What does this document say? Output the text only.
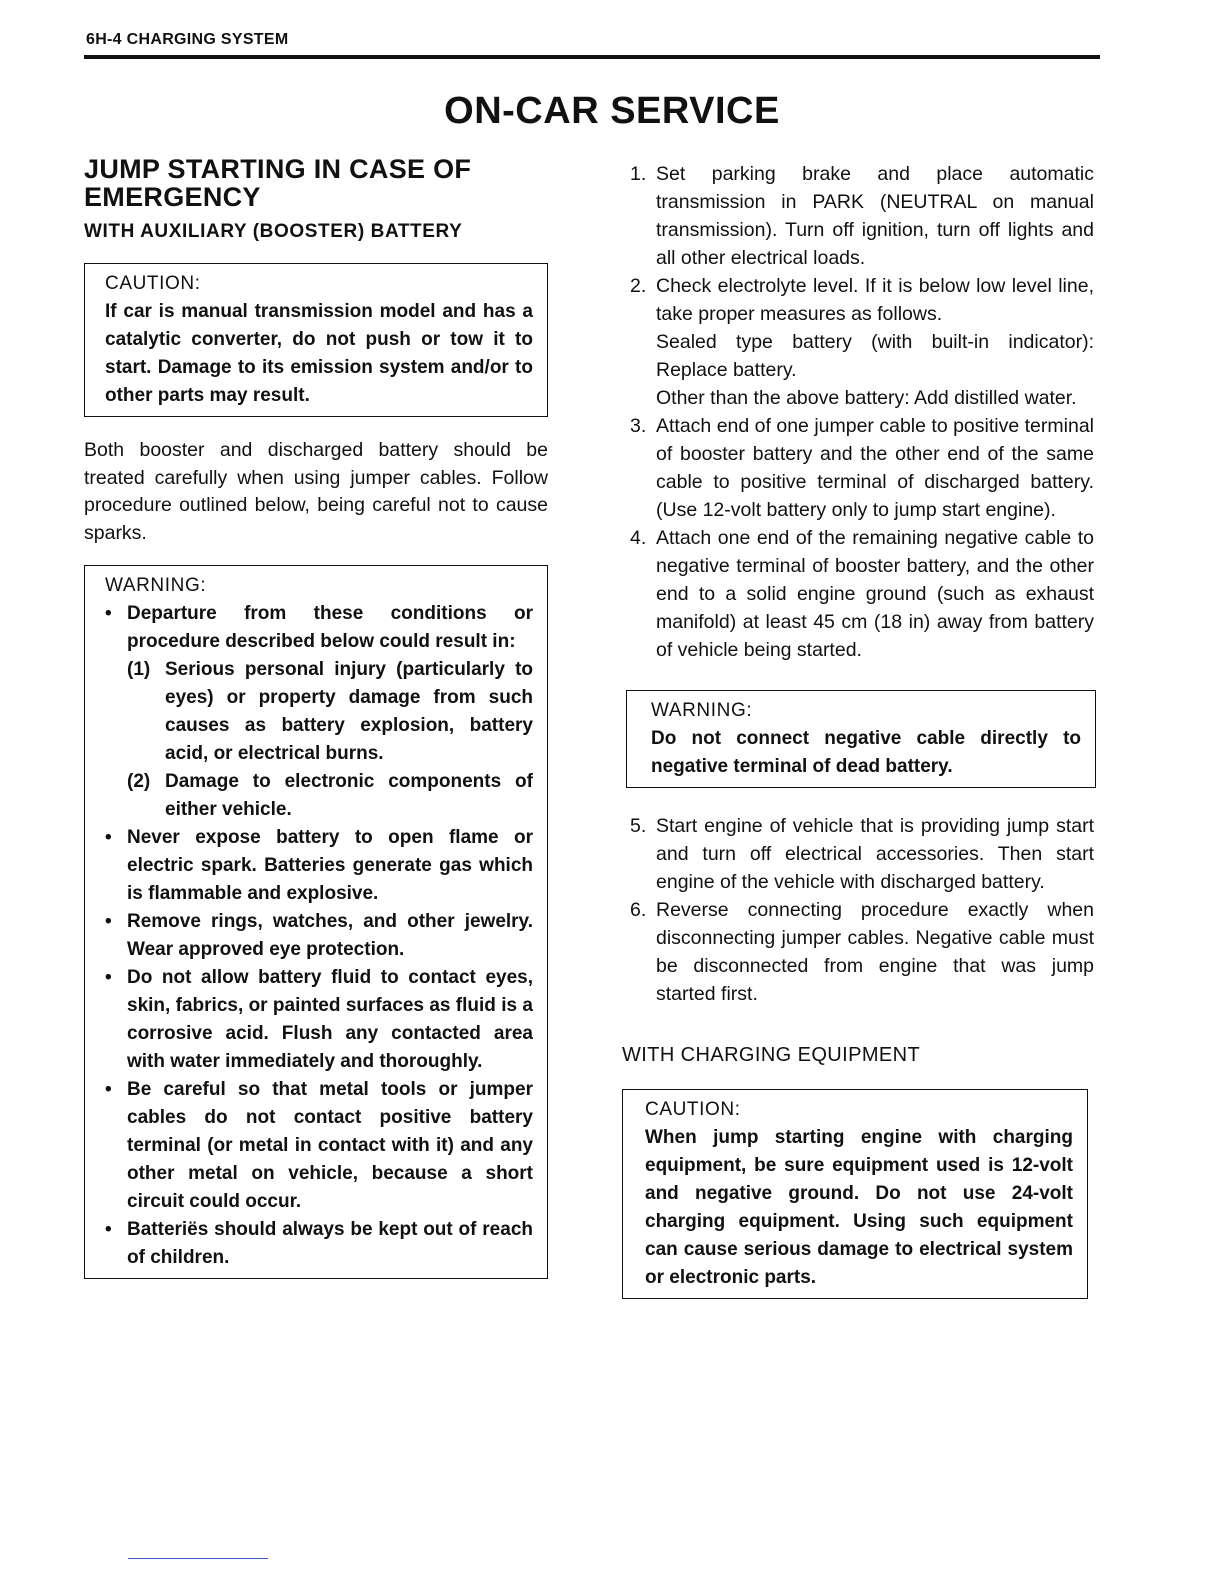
6H-4 CHARGING SYSTEM
ON-CAR SERVICE
JUMP STARTING IN CASE OF
EMERGENCY
WITH AUXILIARY (BOOSTER) BATTERY

CAUTION:

If car is manual transmission model and has a catalytic converter, do not push or tow it to start. Damage to its emission system and/or to other parts may result.

Both booster and discharged battery should be treated carefully when using jumper cables. Follow procedure outlined below, being careful not to cause sparks.

WARNING:

• Departure from these conditions or procedure described below could result in:
(1) Serious personal injury (particularly to eyes) or property damage from such causes as battery explosion, battery acid, or electrical burns.
(2) Damage to electronic components of either vehicle.
• Never expose battery to open flame or electric spark. Batteries generate gas which is flammable and explosive.
• Remove rings, watches, and other jewelry. Wear approved eye protection.
• Do not allow battery fluid to contact eyes, skin, fabrics, or painted surfaces as fluid is a corrosive acid. Flush any contacted area with water immediately and thoroughly.
• Be careful so that metal tools or jumper cables do not contact positive battery terminal (or metal in contact with it) and any other metal on vehicle, because a short circuit could occur.
• Batteriës should always be kept out of reach of children.
1. Set parking brake and place automatic transmission in PARK (NEUTRAL on manual transmission). Turn off ignition, turn off lights and all other electrical loads.
2. Check electrolyte level. If it is below low level line, take proper measures as follows.

Sealed type battery (with built-in indicator): Replace battery.

Other than the above battery: Add distilled water.

3. Attach end of one jumper cable to positive terminal of booster battery and the other end of the same cable to positive terminal of discharged battery. (Use 12-volt battery only to jump start engine).
4. Attach one end of the remaining negative cable to negative terminal of booster battery, and the other end to a solid engine ground (such as exhaust manifold) at least 45 cm (18 in) away from battery of vehicle being started.

WARNING:

Do not connect negative cable directly to negative terminal of dead battery.

5. Start engine of vehicle that is providing jump start and turn off electrical accessories. Then start engine of the vehicle with discharged battery.
6. Reverse connecting procedure exactly when disconnecting jumper cables. Negative cable must be disconnected from engine that was jump started first.
WITH CHARGING EQUIPMENT

CAUTION:

When jump starting engine with charging equipment, be sure equipment used is 12-volt and negative ground. Do not use 24-volt charging equipment. Using such equipment can cause serious damage to electrical system or electronic parts.
